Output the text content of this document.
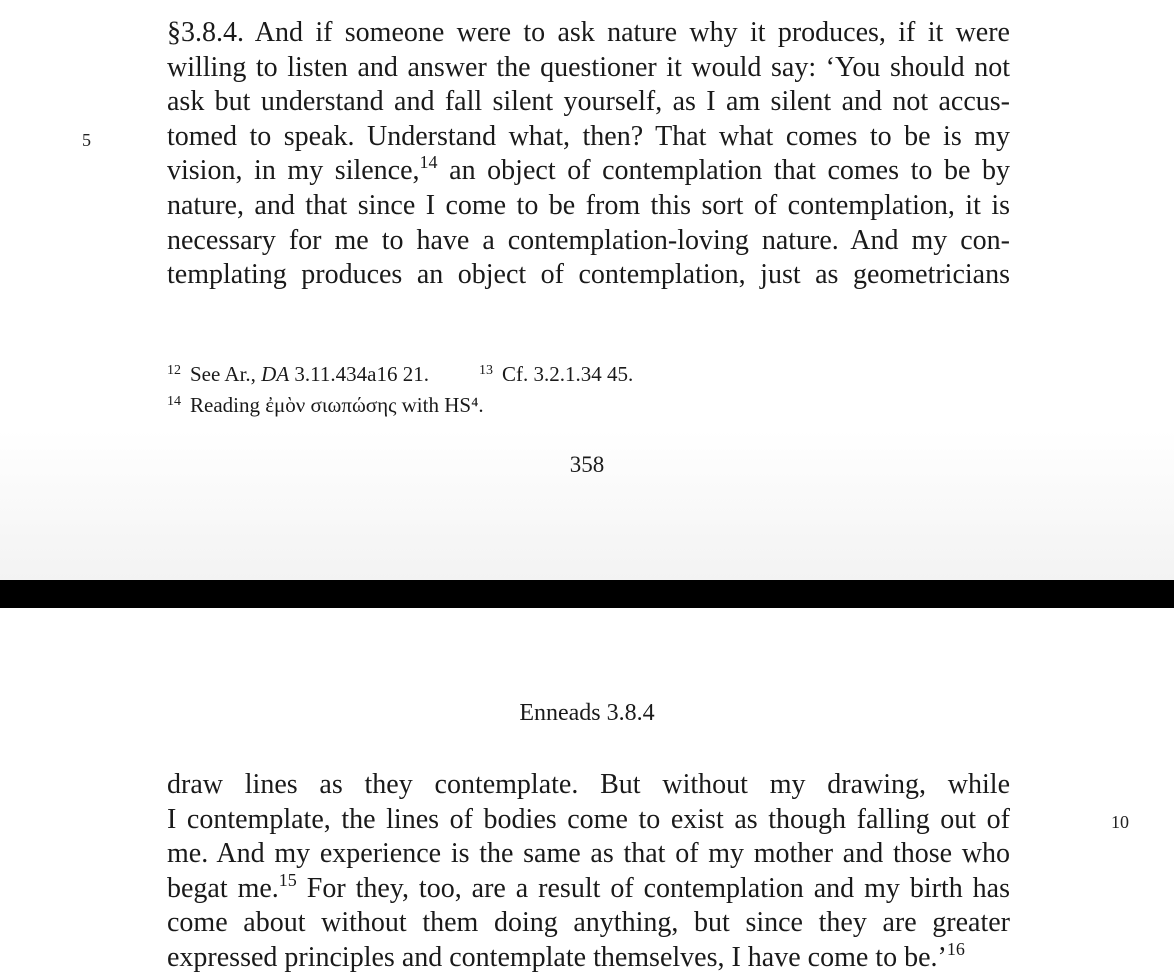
5
§3.8.4. And if someone were to ask nature why it produces, if it were
willing to listen and answer the questioner it would say: ‘You should not
ask but understand and fall silent yourself, as I am silent and not accus-
tomed to speak. Understand what, then? That what comes to be is my
vision, in my silence,$^{14}$ an object of contemplation that comes to be by
nature, and that since I come to be from this sort of contemplation, it is
necessary for me to have a contemplation-loving nature. And my con-
templating produces an object of contemplation, just as geometricians
$^{12}$ See Ar., DA 3.11.434a16 21.	$^{13}$ Cf. 3.2.1.34 45.
$^{14}$ Reading ἐμὸν σιωπώσης with HS⁴.
358
Enneads 3.8.4
10
draw lines as they contemplate. But without my drawing, while
I contemplate, the lines of bodies come to exist as though falling out of
me. And my experience is the same as that of my mother and those who
begat me.$^{15}$ For they, too, are a result of contemplation and my birth has
come about without them doing anything, but since they are greater
expressed principles and contemplate themselves, I have come to be.’$^{16}$
